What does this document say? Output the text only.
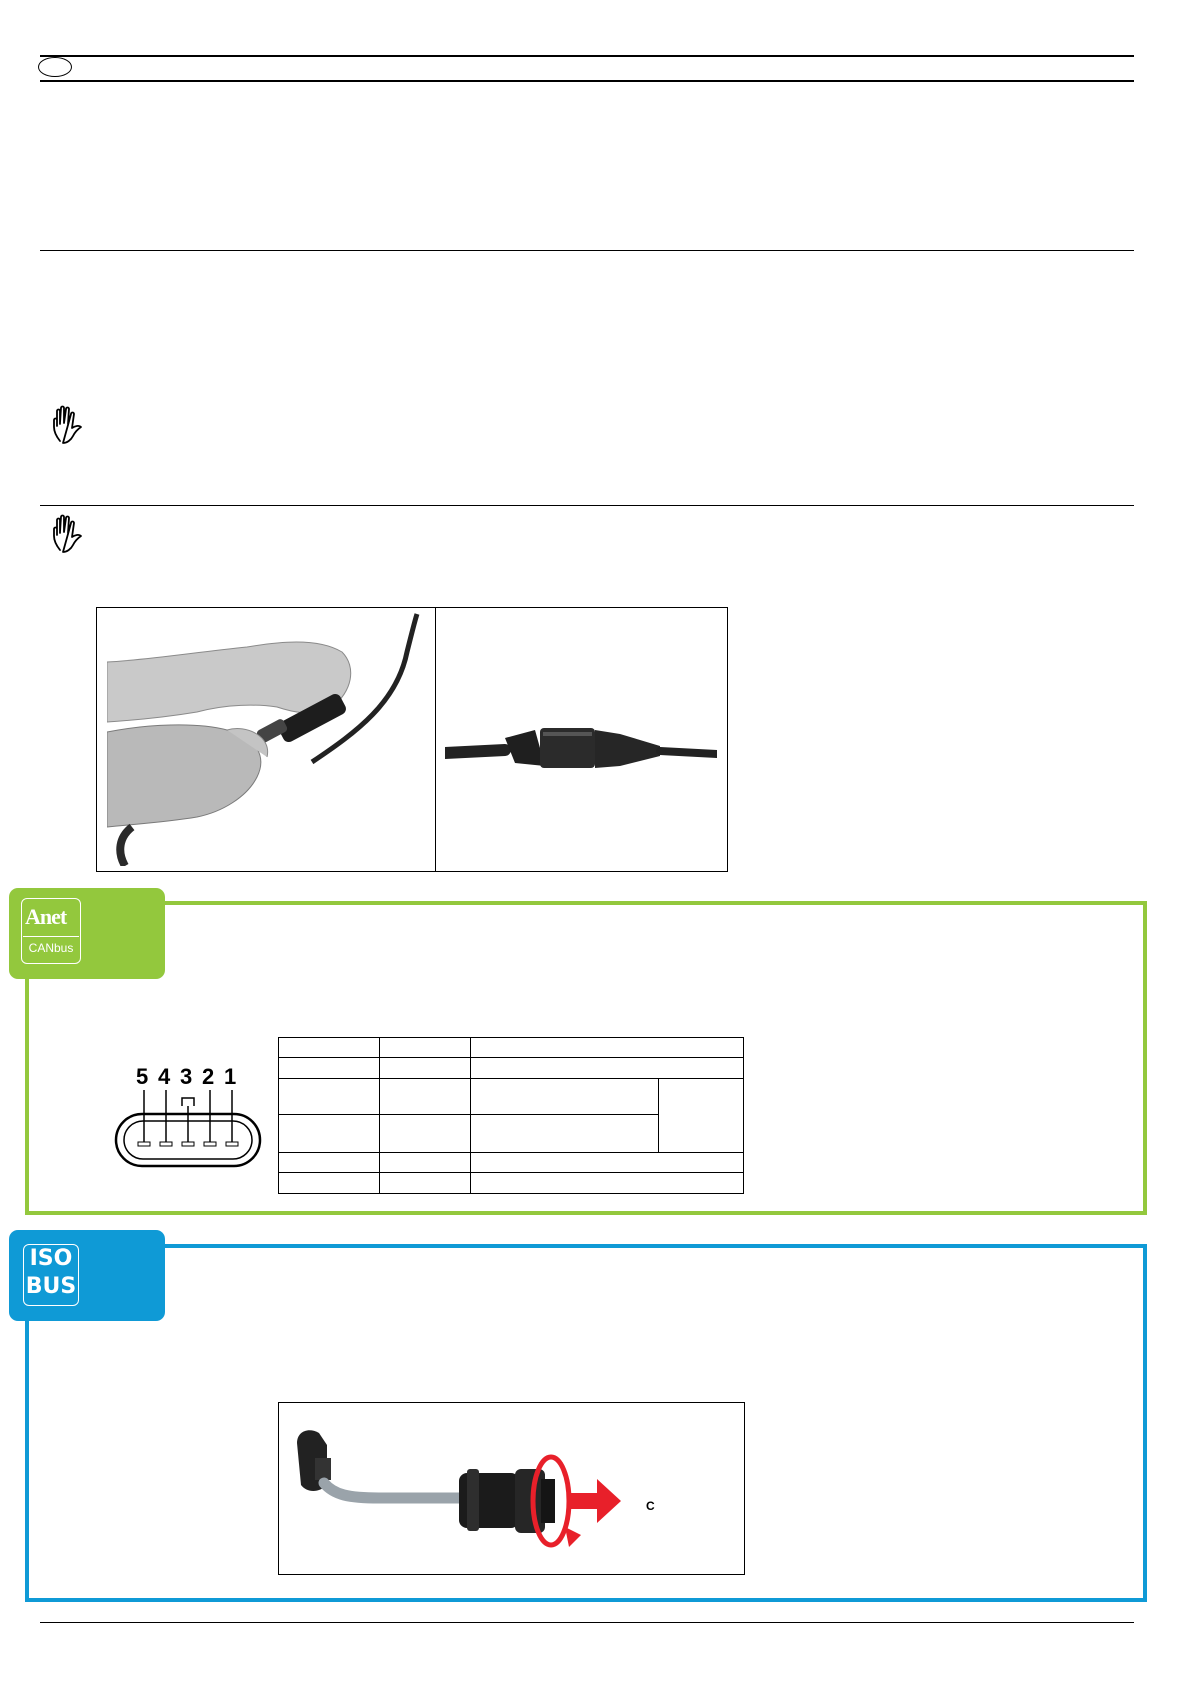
Anet
CANbus
5 4 3 2 1

ISO
BUS
C
